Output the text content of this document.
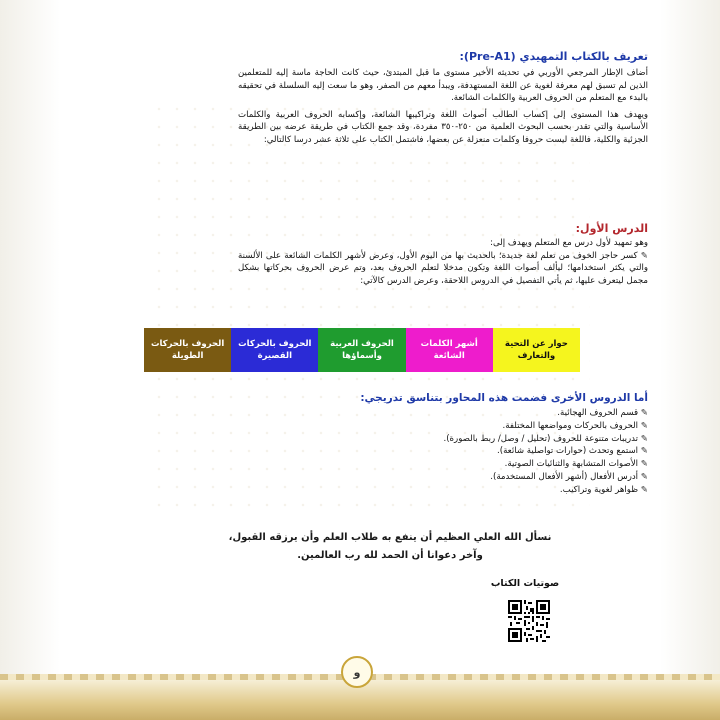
تعريف بالكتاب التمهيدي (Pre-A1):

أضاف الإطار المرجعي الأوربي في تحديثه الأخير مستوى ما قبل المبتدئ، حيث كانت الحاجة ماسة إليه للمتعلمين الذين لم تسبق لهم معرفة لغوية عن اللغة المستهدفة، ويبدأ معهم من الصفر، وهو ما سعت إليه السلسلة في تحقيقه بالبدء مع المتعلم من الحروف العربية والكلمات الشائعة.

ويهدف هذا المستوى إلى إكساب الطالب أصوات اللغة وتراكيبها الشائعة، وإكسابه الحروف العربية والكلمات الأساسية والتي تقدر بحسب البحوث العلمية من ٢٥٠-٣٥٠ مفردة، وقد جمع الكتاب في طريقة عرضه بين الطريقة الجزئية والكلية، فاللغة ليست حروفا وكلمات منعزلة عن بعضها، فاشتمل الكتاب على ثلاثة عشر درسا كالتالي:

الدرس الأول:
وهو تمهيد لأول درس مع المتعلم ويهدف إلى:
✎ كسر حاجز الخوف من تعلم لغة جديدة؛ بالحديث بها من اليوم الأول، وعرض لأشهر الكلمات الشائعة على الألسنة والتي يكثر استخدامها؛ ليألف أصوات اللغة وتكون مدخلا لتعلم الحروف بعد، وتم عرض الحروف بحركاتها بشكل مجمل ليتعرف عليها، ثم يأتي التفصيل في الدروس اللاحقة، وعرض الدرس كالآتي:
الحروف بالحركات الطويلة
الحروف بالحركات القصيرة
الحروف العربية وأسماؤها
أشهر الكلمات الشائعة
حوار عن التحية والتعارف
أما الدروس الأخرى فضمت هذه المحاور بتناسق تدريجي:
✎ قسم الحروف الهجائية.
✎ الحروف بالحركات ومواضعها المختلفة.
✎ تدريبات متنوعة للحروف (تحليل / وصل/ ربط بالصورة).
✎ استمع وتحدث (حوارات تواصلية شائعة).
✎ الأصوات المتشابهة والثنائيات الصوتية.
✎ أدرس الأفعال (أشهر الأفعال المستخدمة).
✎ ظواهر لغوية وتراكيب.
نسأل الله العلي العظيم أن ينفع به طلاب العلم وأن يرزقه القبول،
وآخر دعوانا أن الحمد لله رب العالمين.
صوتيات الكتاب
و
